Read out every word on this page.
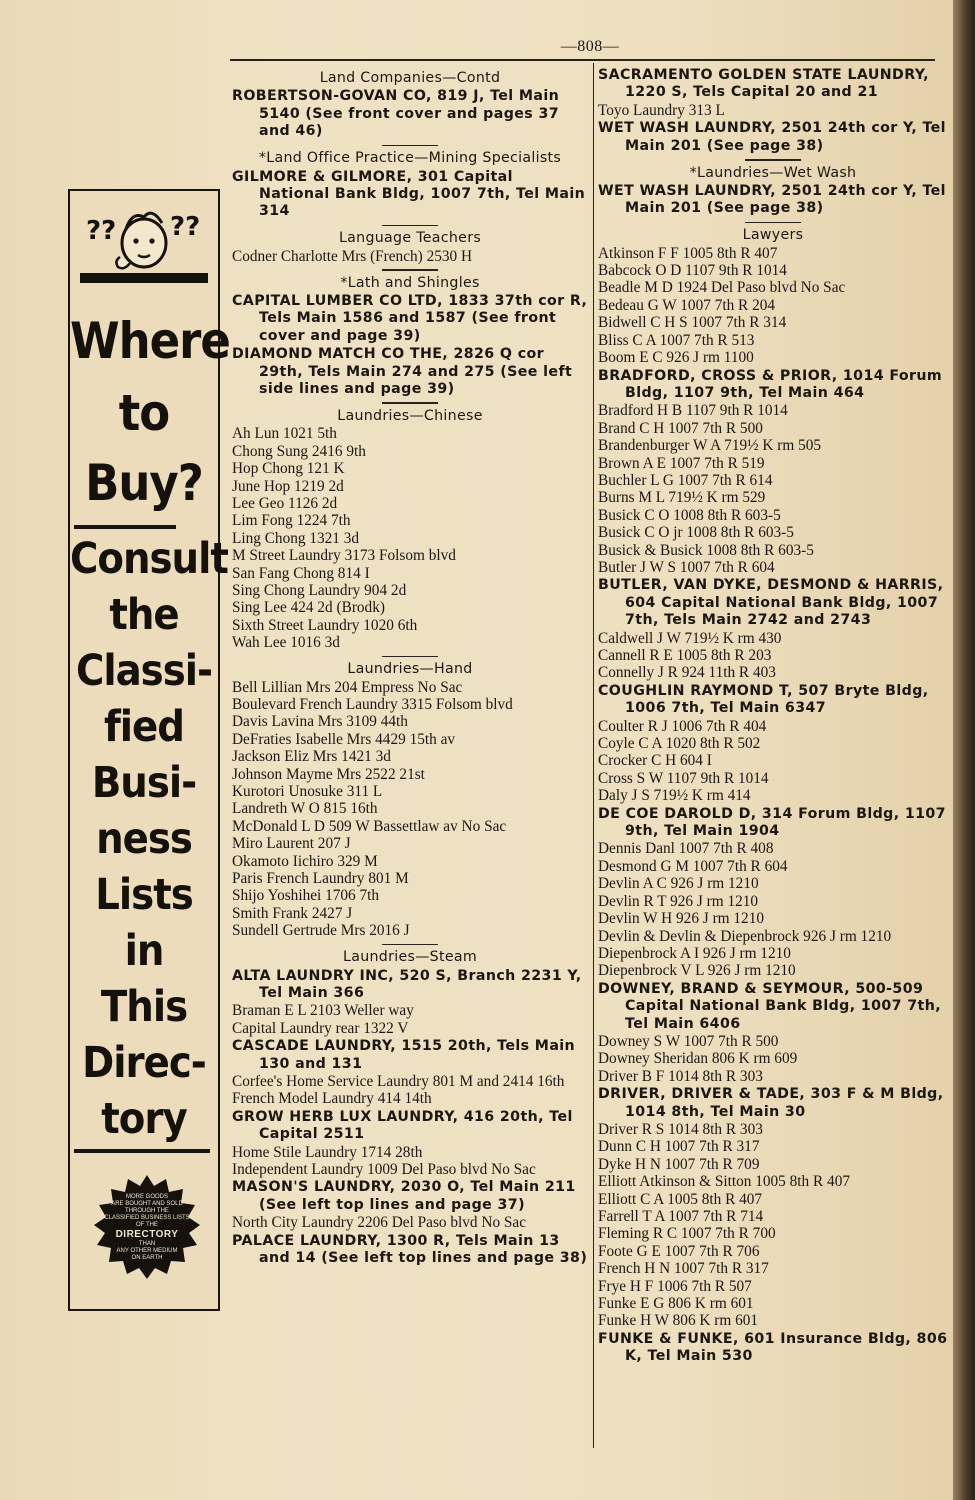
—808—
?? ??
Where
to
Buy?
Consult
the
Classi-
fied
Busi-
ness
Lists
in
This
Direc-
tory
MORE GOODS
ARE BOUGHT AND SOLD
THROUGH THE
CLASSIFIED BUSINESS LISTS
OF THE
DIRECTORY
THAN
ANY OTHER MEDIUM
ON EARTH
Land Companies—Contd
ROBERTSON-GOVAN CO, 819 J, Tel Main 5140 (See front cover and pages 37 and 46)
*Land Office Practice—Mining Specialists
GILMORE & GILMORE, 301 Capital National Bank Bldg, 1007 7th, Tel Main 314
Language Teachers
Codner Charlotte Mrs (French) 2530 H
*Lath and Shingles
CAPITAL LUMBER CO LTD, 1833 37th cor R, Tels Main 1586 and 1587 (See front cover and page 39)
DIAMOND MATCH CO THE, 2826 Q cor 29th, Tels Main 274 and 275 (See left side lines and page 39)
Laundries—Chinese
Ah Lun 1021 5th
Chong Sung 2416 9th
Hop Chong 121 K
June Hop 1219 2d
Lee Geo 1126 2d
Lim Fong 1224 7th
Ling Chong 1321 3d
M Street Laundry 3173 Folsom blvd
San Fang Chong 814 I
Sing Chong Laundry 904 2d
Sing Lee 424 2d (Brodk)
Sixth Street Laundry 1020 6th
Wah Lee 1016 3d
Laundries—Hand
Bell Lillian Mrs 204 Empress No Sac
Boulevard French Laundry 3315 Folsom blvd
Davis Lavina Mrs 3109 44th
DeFraties Isabelle Mrs 4429 15th av
Jackson Eliz Mrs 1421 3d
Johnson Mayme Mrs 2522 21st
Kurotori Unosuke 311 L
Landreth W O 815 16th
McDonald L D 509 W Bassettlaw av No Sac
Miro Laurent 207 J
Okamoto Iichiro 329 M
Paris French Laundry 801 M
Shijo Yoshihei 1706 7th
Smith Frank 2427 J
Sundell Gertrude Mrs 2016 J
Laundries—Steam
ALTA LAUNDRY INC, 520 S, Branch 2231 Y, Tel Main 366
Braman E L 2103 Weller way
Capital Laundry rear 1322 V
CASCADE LAUNDRY, 1515 20th, Tels Main 130 and 131
Corfee's Home Service Laundry 801 M and 2414 16th
French Model Laundry 414 14th
GROW HERB LUX LAUNDRY, 416 20th, Tel Capital 2511
Home Stile Laundry 1714 28th
Independent Laundry 1009 Del Paso blvd No Sac
MASON'S LAUNDRY, 2030 O, Tel Main 211 (See left top lines and page 37)
North City Laundry 2206 Del Paso blvd No Sac
PALACE LAUNDRY, 1300 R, Tels Main 13 and 14 (See left top lines and page 38)
SACRAMENTO GOLDEN STATE LAUNDRY, 1220 S, Tels Capital 20 and 21
Toyo Laundry 313 L
WET WASH LAUNDRY, 2501 24th cor Y, Tel Main 201 (See page 38)
*Laundries—Wet Wash
WET WASH LAUNDRY, 2501 24th cor Y, Tel Main 201 (See page 38)
Lawyers
Atkinson F F 1005 8th R 407
Babcock O D 1107 9th R 1014
Beadle M D 1924 Del Paso blvd No Sac
Bedeau G W 1007 7th R 204
Bidwell C H S 1007 7th R 314
Bliss C A 1007 7th R 513
Boom E C 926 J rm 1100
BRADFORD, CROSS & PRIOR, 1014 Forum Bldg, 1107 9th, Tel Main 464
Bradford H B 1107 9th R 1014
Brand C H 1007 7th R 500
Brandenburger W A 719½ K rm 505
Brown A E 1007 7th R 519
Buchler L G 1007 7th R 614
Burns M L 719½ K rm 529
Busick C O 1008 8th R 603-5
Busick C O jr 1008 8th R 603-5
Busick & Busick 1008 8th R 603-5
Butler J W S 1007 7th R 604
BUTLER, VAN DYKE, DESMOND & HARRIS, 604 Capital National Bank Bldg, 1007 7th, Tels Main 2742 and 2743
Caldwell J W 719½ K rm 430
Cannell R E 1005 8th R 203
Connelly J R 924 11th R 403
COUGHLIN RAYMOND T, 507 Bryte Bldg, 1006 7th, Tel Main 6347
Coulter R J 1006 7th R 404
Coyle C A 1020 8th R 502
Crocker C H 604 I
Cross S W 1107 9th R 1014
Daly J S 719½ K rm 414
DE COE DAROLD D, 314 Forum Bldg, 1107 9th, Tel Main 1904
Dennis Danl 1007 7th R 408
Desmond G M 1007 7th R 604
Devlin A C 926 J rm 1210
Devlin R T 926 J rm 1210
Devlin W H 926 J rm 1210
Devlin & Devlin & Diepenbrock 926 J rm 1210
Diepenbrock A I 926 J rm 1210
Diepenbrock V L 926 J rm 1210
DOWNEY, BRAND & SEYMOUR, 500-509 Capital National Bank Bldg, 1007 7th, Tel Main 6406
Downey S W 1007 7th R 500
Downey Sheridan 806 K rm 609
Driver B F 1014 8th R 303
DRIVER, DRIVER & TADE, 303 F & M Bldg, 1014 8th, Tel Main 30
Driver R S 1014 8th R 303
Dunn C H 1007 7th R 317
Dyke H N 1007 7th R 709
Elliott Atkinson & Sitton 1005 8th R 407
Elliott C A 1005 8th R 407
Farrell T A 1007 7th R 714
Fleming R C 1007 7th R 700
Foote G E 1007 7th R 706
French H N 1007 7th R 317
Frye H F 1006 7th R 507
Funke E G 806 K rm 601
Funke H W 806 K rm 601
FUNKE & FUNKE, 601 Insurance Bldg, 806 K, Tel Main 530
